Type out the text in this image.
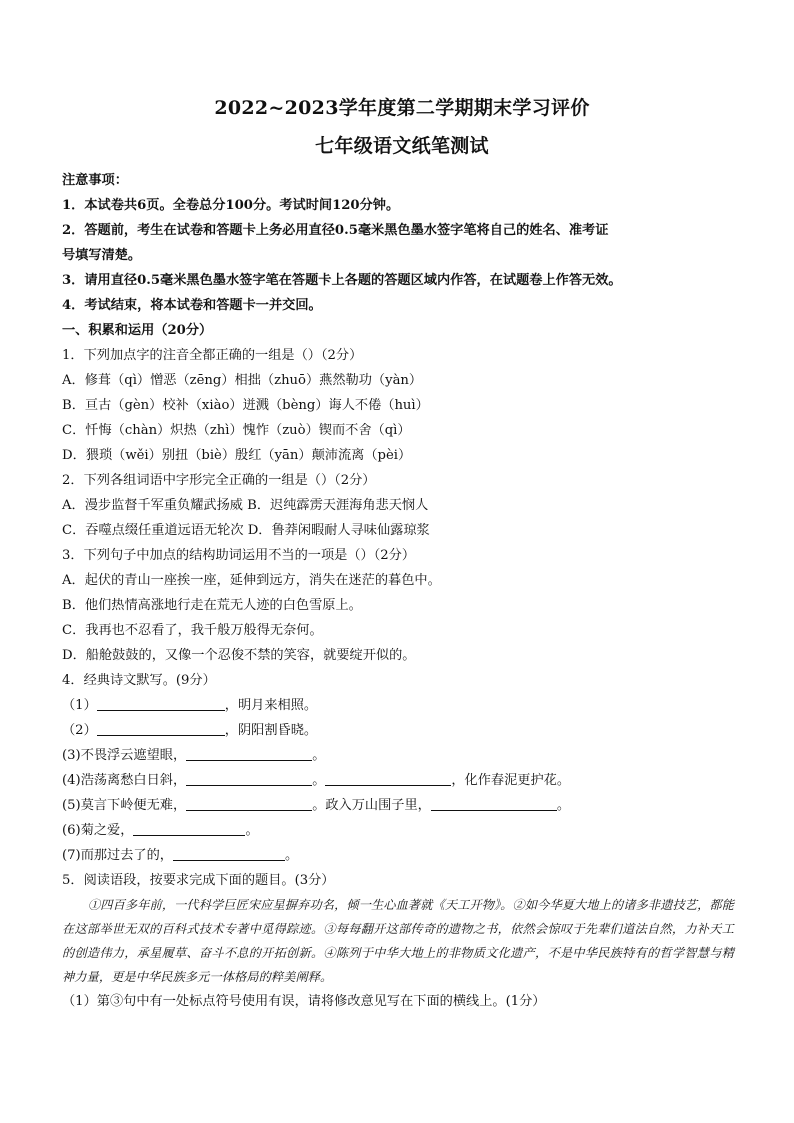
2022~2023学年度第二学期期末学习评价
七年级语文纸笔测试
注意事项：
1．本试卷共6页。全卷总分100分。考试时间120分钟。
2．答题前，考生在试卷和答题卡上务必用直径0.5毫米黑色墨水签字笔将自己的姓名、准考证
号填写清楚。
3．请用直径0.5毫米黑色墨水签字笔在答题卡上各题的答题区域内作答，在试题卷上作答无效。
4．考试结束，将本试卷和答题卡一并交回。
一、积累和运用（20分）
1．下列加点字的注音全都正确的一组是（）（2分）
A．修葺（qì）憎恶（zēng）相拙（zhuō）燕然勒功（yàn）
B．亘古（gèn）校补（xiào）迸溅（bèng）诲人不倦（huì）
C．忏悔（chàn）炽热（zhì）愧怍（zuò）锲而不舍（qì）
D．猥琐（wěi）别扭（biè）殷红（yān）颠沛流离（pèi）
2．下列各组词语中字形完全正确的一组是（）（2分）
A．漫步监督千军重负耀武扬威 B．迟纯霹雳天涯海角悲天悯人
C．吞噬点缀任重道远语无轮次 D．鲁莽闲暇耐人寻味仙露琼浆
3．下列句子中加点的结构助词运用不当的一项是（）（2分）
A．起伏的青山一座挨一座，延伸到远方，消失在迷茫的暮色中。
B．他们热情高涨地行走在荒无人迹的白色雪原上。
C．我再也不忍看了，我千般万般得无奈何。
D．船舱鼓鼓的，又像一个忍俊不禁的笑容，就要绽开似的。
4．经典诗文默写。(9分）
（1）	，明月来相照。
（2）	，阴阳割昏晓。
(3)不畏浮云遮望眼，	。
(4)浩荡离愁白日斜，	。	，化作春泥更护花。
(5)莫言下岭便无难，	。政入万山围子里，	。
(6)菊之爱，	。
(7)而那过去了的，	。
5．阅读语段，按要求完成下面的题目。(3分）
①四百多年前，一代科学巨匠宋应星摒弃功名，倾一生心血著就《天工开物》。②如今华夏大地上的诸多非遗技艺，都能在这部举世无双的百科式技术专著中觅得踪迹。③每每翻开这部传奇的遗物之书，依然会惊叹于先辈们道法自然，力补天工的创造伟力，承星履草、奋斗不息的开拓创新。④陈列于中华大地上的非物质文化遗产，不是中华民族特有的哲学智慧与精神力量，更是中华民族多元一体格局的粹美阐释。
（1）第③句中有一处标点符号使用有误，请将修改意见写在下面的横线上。(1分）
